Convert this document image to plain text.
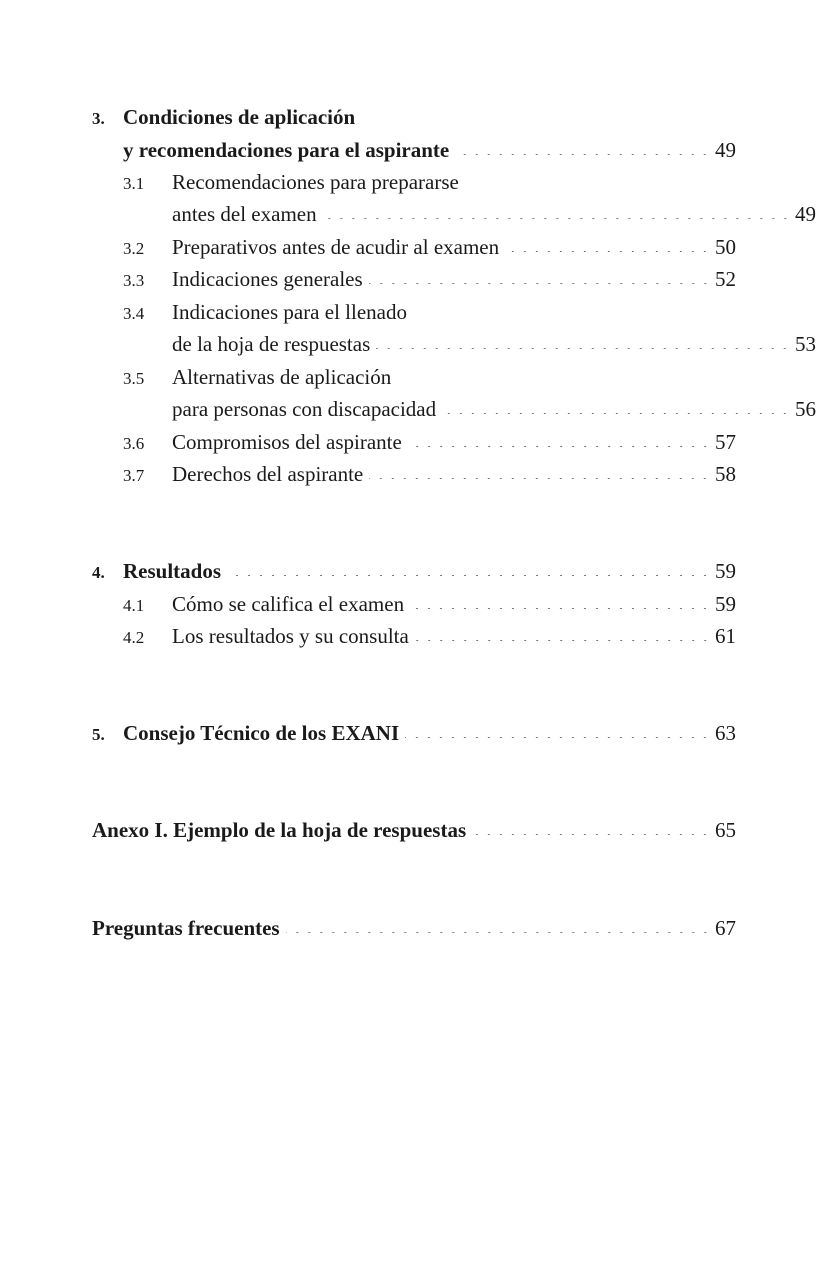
3. Condiciones de aplicación
y recomendaciones para el aspirante	49
3.1	Recomendaciones para prepararse
antes del examen	49
3.2	Preparativos antes de acudir al examen	50
3.3	Indicaciones generales	52
3.4	Indicaciones para el llenado
de la hoja de respuestas	53
3.5	Alternativas de aplicación
para personas con discapacidad	56
3.6	Compromisos del aspirante	57
3.7	Derechos del aspirante	58
4. Resultados	59
4.1	Cómo se califica el examen	59
4.2	Los resultados y su consulta	61
5. Consejo Técnico de los EXANI	63
Anexo I. Ejemplo de la hoja de respuestas	65
Preguntas frecuentes	67
